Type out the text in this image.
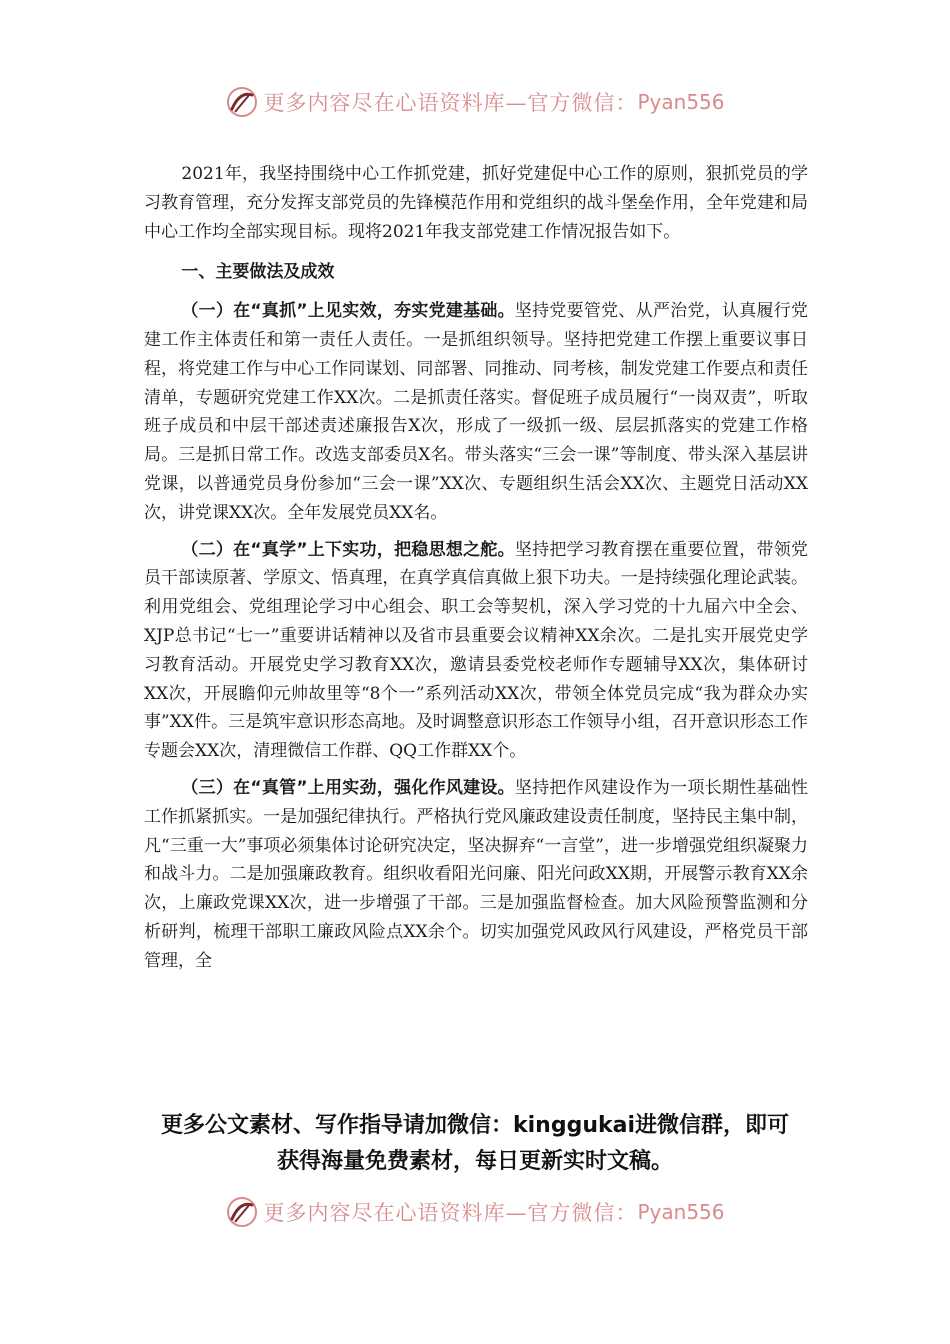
更多内容尽在心语资料库—官方微信： Pyan556

2021年，我坚持围绕中心工作抓党建，抓好党建促中心工作的原则，狠抓党员的学习教育管理，充分发挥支部党员的先锋模范作用和党组织的战斗堡垒作用，全年党建和局中心工作均全部实现目标。现将2021年我支部党建工作情况报告如下。

一、主要做法及成效

（一）在“真抓”上见实效，夯实党建基础。坚持党要管党、从严治党，认真履行党建工作主体责任和第一责任人责任。一是抓组织领导。坚持把党建工作摆上重要议事日程，将党建工作与中心工作同谋划、同部署、同推动、同考核，制发党建工作要点和责任清单，专题研究党建工作XX次。二是抓责任落实。督促班子成员履行“一岗双责”，听取班子成员和中层干部述责述廉报告X次，形成了一级抓一级、层层抓落实的党建工作格局。三是抓日常工作。改选支部委员X名。带头落实“三会一课”等制度、带头深入基层讲党课，以普通党员身份参加“三会一课”XX次、专题组织生活会XX次、主题党日活动XX次，讲党课XX次。全年发展党员XX名。

（二）在“真学”上下实功，把稳思想之舵。坚持把学习教育摆在重要位置，带领党员干部读原著、学原文、悟真理，在真学真信真做上狠下功夫。一是持续强化理论武装。利用党组会、党组理论学习中心组会、职工会等契机，深入学习党的十九届六中全会、XJP总书记“七一”重要讲话精神以及省市县重要会议精神XX余次。二是扎实开展党史学习教育活动。开展党史学习教育XX次，邀请县委党校老师作专题辅导XX次，集体研讨XX次，开展瞻仰元帅故里等“8个一”系列活动XX次，带领全体党员完成“我为群众办实事”XX件。三是筑牢意识形态高地。及时调整意识形态工作领导小组，召开意识形态工作专题会XX次，清理微信工作群、QQ工作群XX个。

（三）在“真管”上用实劲，强化作风建设。坚持把作风建设作为一项长期性基础性工作抓紧抓实。一是加强纪律执行。严格执行党风廉政建设责任制度，坚持民主集中制，凡“三重一大”事项必须集体讨论研究决定，坚决摒弃“一言堂”，进一步增强党组织凝聚力和战斗力。二是加强廉政教育。组织收看阳光问廉、阳光问政XX期，开展警示教育XX余次，上廉政党课XX次，进一步增强了干部。三是加强监督检查。加大风险预警监测和分析研判，梳理干部职工廉政风险点XX余个。切实加强党风政风行风建设，严格党员干部管理，全

更多公文素材、写作指导请加微信：kinggukai进微信群，即可
获得海量免费素材，每日更新实时文稿。
更多内容尽在心语资料库—官方微信： Pyan556
